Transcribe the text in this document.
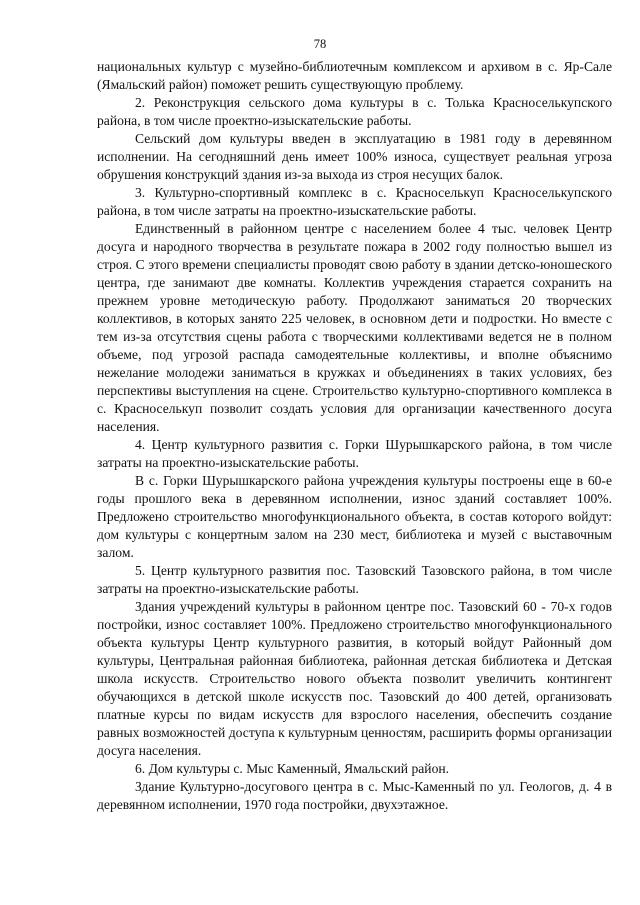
78

национальных культур с музейно-библиотечным комплексом и архивом в с. Яр-Сале (Ямальский район) поможет решить существующую проблему.

2. Реконструкция сельского дома культуры в с. Толька Красноселькупского района, в том числе проектно-изыскательские работы.

Сельский дом культуры введен в эксплуатацию в 1981 году в деревянном исполнении. На сегодняшний день имеет 100% износа, существует реальная угроза обрушения конструкций здания из-за выхода из строя несущих балок.

3. Культурно-спортивный комплекс в с. Красноселькуп Красноселькупского района, в том числе затраты на проектно-изыскательские работы.

Единственный в районном центре с населением более 4 тыс. человек Центр досуга и народного творчества в результате пожара в 2002 году полностью вышел из строя. С этого времени специалисты проводят свою работу в здании детско-юношеского центра, где занимают две комнаты. Коллектив учреждения старается сохранить на прежнем уровне методическую работу. Продолжают заниматься 20 творческих коллективов, в которых занято 225 человек, в основном дети и подростки. Но вместе с тем из-за отсутствия сцены работа с творческими коллективами ведется не в полном объеме, под угрозой распада самодеятельные коллективы, и вполне объяснимо нежелание молодежи заниматься в кружках и объединениях в таких условиях, без перспективы выступления на сцене. Строительство культурно-спортивного комплекса в с. Красноселькуп позволит создать условия для организации качественного досуга населения.

4. Центр культурного развития с. Горки Шурышкарского района, в том числе затраты на проектно-изыскательские работы.

В с. Горки Шурышкарского района учреждения культуры построены еще в 60-е годы прошлого века в деревянном исполнении, износ зданий составляет 100%. Предложено строительство многофункционального объекта, в состав которого войдут: дом культуры с концертным залом на 230 мест, библиотека и музей с выставочным залом.

5. Центр культурного развития пос. Тазовский Тазовского района, в том числе затраты на проектно-изыскательские работы.

Здания учреждений культуры в районном центре пос. Тазовский 60 - 70-х годов постройки, износ составляет 100%. Предложено строительство многофункционального объекта культуры Центр культурного развития, в который войдут Районный дом культуры, Центральная районная библиотека, районная детская библиотека и Детская школа искусств. Строительство нового объекта позволит увеличить контингент обучающихся в детской школе искусств пос. Тазовский до 400 детей, организовать платные курсы по видам искусств для взрослого населения, обеспечить создание равных возможностей доступа к культурным ценностям, расширить формы организации досуга населения.

6. Дом культуры с. Мыс Каменный, Ямальский район.

Здание Культурно-досугового центра в с. Мыс-Каменный по ул. Геологов, д. 4 в деревянном исполнении, 1970 года постройки, двухэтажное.
